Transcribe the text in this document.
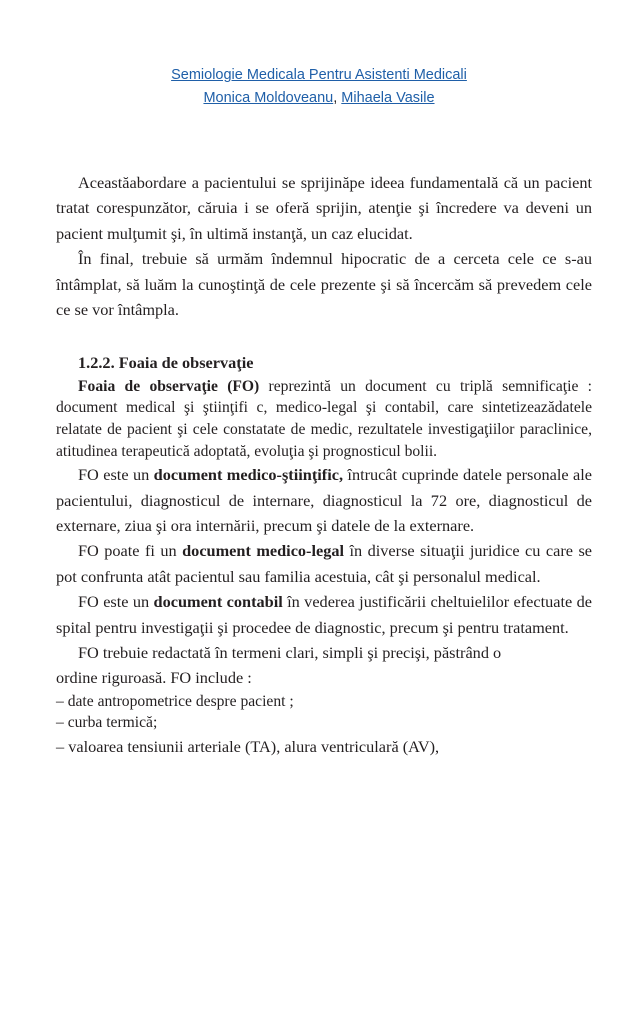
Semiologie Medicala Pentru Asistenti Medicali
Monica Moldoveanu, Mihaela Vasile

Aceastăabordare a pacientului se sprijinăpe ideea fundamentală că un pacient tratat corespunzător, căruia i se oferă sprijin, atenţie şi încredere va deveni un pacient mulţumit şi, în ultimă instanţă, un caz elucidat.

În final, trebuie să urmăm îndemnul hipocratic de a cerceta cele ce s-au întâmplat, să luăm la cunoştinţă de cele prezente şi să încercăm să prevedem cele ce se vor întâmpla.

1.2.2. Foaia de observaţie

Foaia de observaţie (FO) reprezintă un document cu triplă semnificaţie : document medical şi ştiinţifi c, medico-legal şi contabil, care sintetizeazădatele relatate de pacient şi cele constatate de medic, rezultatele investigaţiilor paraclinice, atitudinea terapeutică adoptată, evoluţia şi prognosticul bolii.

FO este un document medico-ştiinţific, întrucât cuprinde datele personale ale pacientului, diagnosticul de internare, diagnosticul la 72 ore, diagnosticul de externare, ziua şi ora internării, precum şi datele de la externare.

FO poate fi un document medico-legal în diverse situaţii juridice cu care se pot confrunta atât pacientul sau familia acestuia, cât şi personalul medical.

FO este un document contabil în vederea justificării cheltuielilor efectuate de spital pentru investigaţii şi procedee de diagnostic, precum şi pentru tratament.

FO trebuie redactată în termeni clari, simpli şi precişi, păstrând o

ordine riguroasă. FO include :

– date antropometrice despre pacient ;

– curba termică;

– valoarea tensiunii arteriale (TA), alura ventriculară (AV),
